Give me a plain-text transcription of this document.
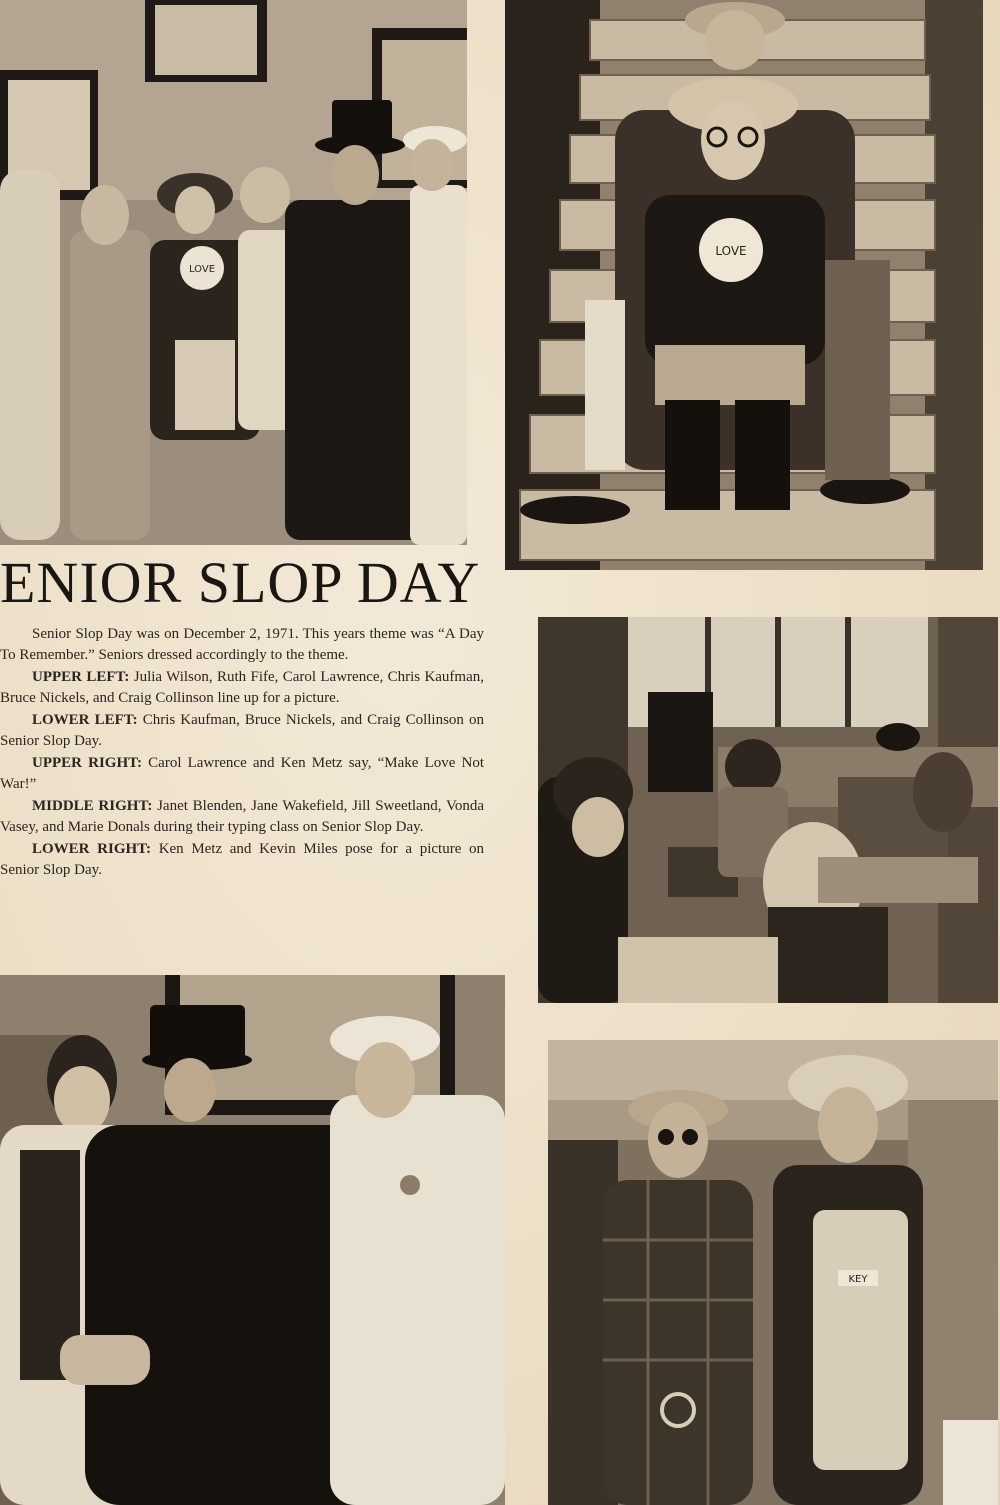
LOVE
LOVE
ENIOR SLOP DAY

Senior Slop Day was on December 2, 1971. This years theme was “A Day To Remember.” Seniors dressed accordingly to the theme.

UPPER LEFT: Julia Wilson, Ruth Fife, Carol Lawrence, Chris Kaufman, Bruce Nickels, and Craig Collinson line up for a picture.

LOWER LEFT: Chris Kaufman, Bruce Nickels, and Craig Collinson on Senior Slop Day.

UPPER RIGHT: Carol Lawrence and Ken Metz say, “Make Love Not War!”

MIDDLE RIGHT: Janet Blenden, Jane Wakefield, Jill Sweetland, Vonda Vasey, and Marie Donals during their typing class on Senior Slop Day.

LOWER RIGHT: Ken Metz and Kevin Miles pose for a picture on Senior Slop Day.

KEY
